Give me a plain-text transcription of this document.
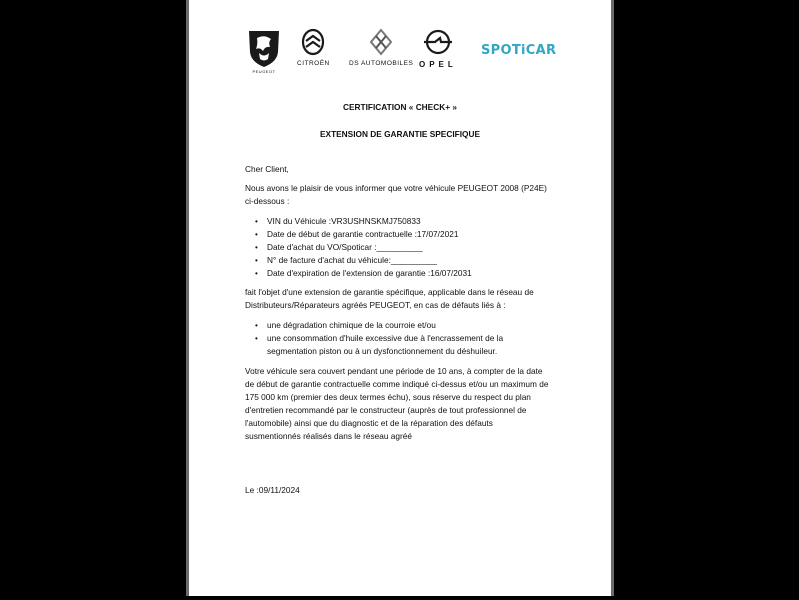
PEUGEOT
CITROËN	DS AUTOMOBILES OPEL
SPOTiCAR
CERTIFICATION « CHECK+ »
EXTENSION DE GARANTIE SPECIFIQUE
Cher Client,
Nous avons le plaisir de vous informer que votre véhicule PEUGEOT 2008 (P24E)
ci-dessous :
• VIN du Véhicule :VR3USHNSKMJ750833
• Date de début de garantie contractuelle :17/07/2021
• Date d'achat du VO/Spoticar :__________
• N° de facture d'achat du véhicule:__________
• Date d'expiration de l'extension de garantie :16/07/2031
fait l'objet d'une extension de garantie spécifique, applicable dans le réseau de
Distributeurs/Réparateurs agréés PEUGEOT, en cas de défauts liés à :
• une dégradation chimique de la courroie et/ou
• une consommation d'huile excessive due à l'encrassement de la
segmentation piston ou à un dysfonctionnement du déshuileur.
Votre véhicule sera couvert pendant une période de 10 ans, à compter de la date
de début de garantie contractuelle comme indiqué ci-dessus et/ou un maximum de
175 000 km (premier des deux termes échu), sous réserve du respect du plan
d'entretien recommandé par le constructeur (auprès de tout professionnel de
l'automobile) ainsi que du diagnostic et de la réparation des défauts
susmentionnés réalisés dans le réseau agréé
Le :09/11/2024
